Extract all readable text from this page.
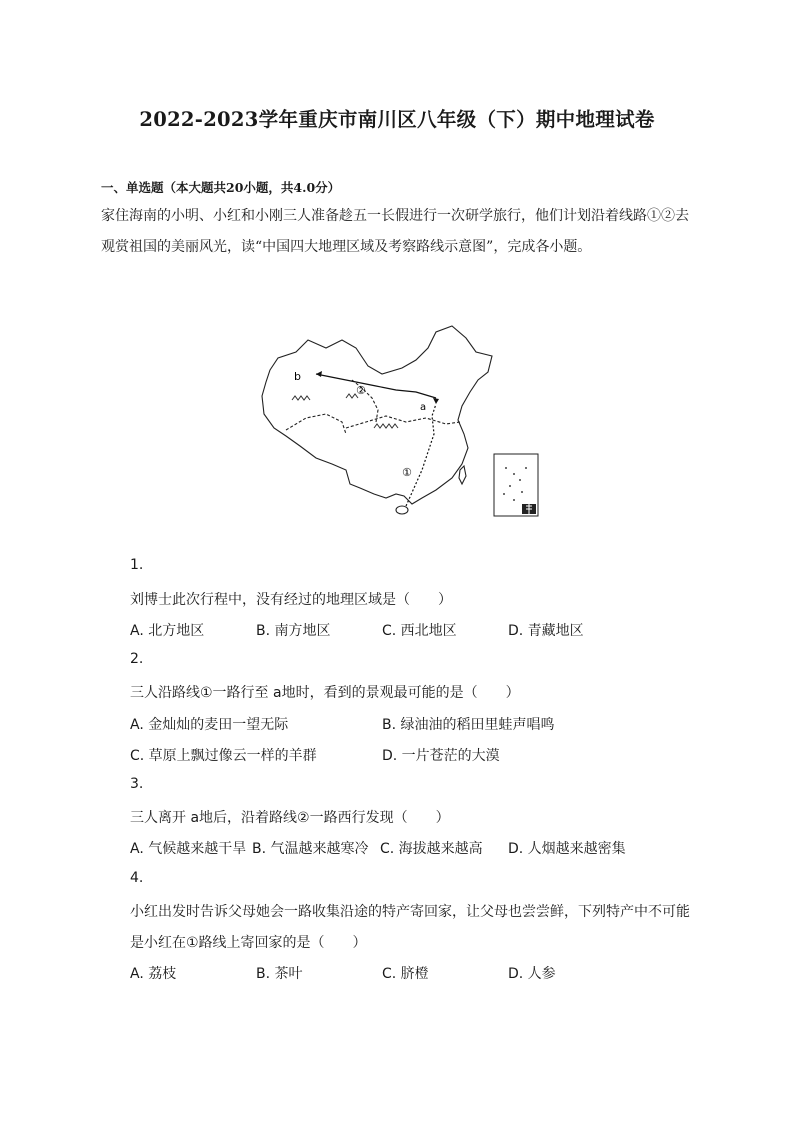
2022-2023学年重庆市南川区八年级（下）期中地理试卷
一、单选题（本大题共20小题，共4.0分）
家住海南的小明、小红和小刚三人准备趁五一长假进行一次研学旅行，他们计划沿着线路①②去
观赏祖国的美丽风光，读“中国四大地理区域及考察路线示意图”，完成各小题。
b
a
①
②
1.
刘博士此次行程中，没有经过的地理区域是（　　）
A. 北方地区	B. 南方地区	C. 西北地区	D. 青藏地区
2.
三人沿路线①一路行至 a地时，看到的景观最可能的是（　　）
A. 金灿灿的麦田一望无际	B. 绿油油的稻田里蛙声唱鸣
C. 草原上飘过像云一样的羊群	D. 一片苍茫的大漠
3.
三人离开 a地后，沿着路线②一路西行发现（　　）
A. 气候越来越干旱 B. 气温越来越寒冷 C. 海拔越来越高 D. 人烟越来越密集
4.
小红出发时告诉父母她会一路收集沿途的特产寄回家，让父母也尝尝鲜，下列特产中不可能
是小红在①路线上寄回家的是（　　）
A. 荔枝	B. 茶叶	C. 脐橙	D. 人参
